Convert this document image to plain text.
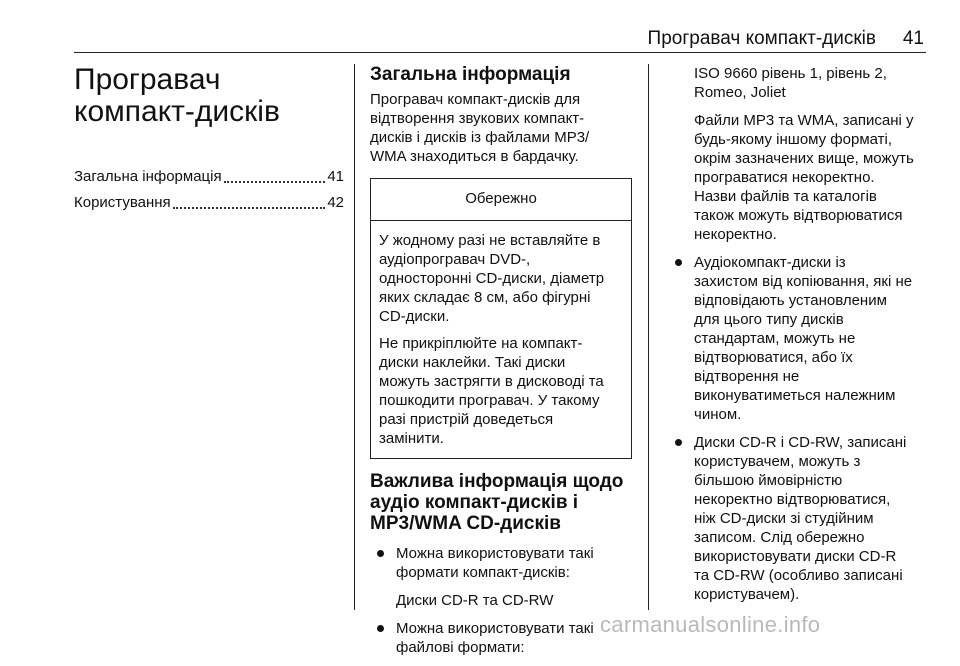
Програвач компакт-дисків 41
Програвач
компакт-дисків
Загальна інформація	41
Користування	42
Загальна інформація
Програвач компакт-дисків для
відтворення звукових компакт-
дисків і дисків із файлами MP3/
WMA знаходиться в бардачку.
Обережно
У жодному разі не вставляйте в
аудіопрогравач DVD-,
односторонні CD-диски, діаметр
яких складає 8 см, або фігурні
CD-диски.
Не прикріплюйте на компакт-
диски наклейки. Такі диски
можуть застрягти в дисководі та
пошкодити програвач. У такому
разі пристрій доведеться
замінити.
Важлива інформація щодо
аудіо компакт-дисків і
MP3/WMA CD-дисків
Можна використовувати такі
формати компакт-дисків:
Диски CD-R та CD-RW
Можна використовувати такі
файлові формати:
ISO 9660 рівень 1, рівень 2,
Romeo, Joliet
Файли MP3 та WMA, записані у
будь-якому іншому форматі,
окрім зазначених вище, можуть
програватися некоректно.
Назви файлів та каталогів
також можуть відтворюватися
некоректно.
Аудіокомпакт-диски із
захистом від копіювання, які не
відповідають установленим
для цього типу дисків
стандартам, можуть не
відтворюватися, або їх
відтворення не
виконуватиметься належним
чином.
Диски CD-R і CD-RW, записані
користувачем, можуть з
більшою ймовірністю
некоректно відтворюватися,
ніж CD-диски зі студійним
записом. Слід обережно
використовувати диски CD-R
та CD-RW (особливо записані
користувачем).
carmanualsonline.info
